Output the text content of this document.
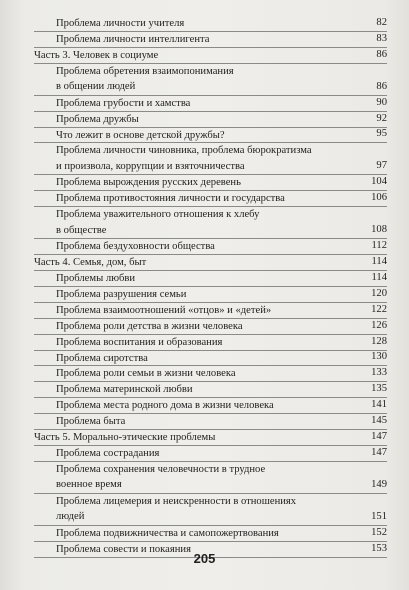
Проблема личности учителя	82
Проблема личности интеллигента	83
Часть 3. Человек в социуме	86
Проблема обретения взаимопонимания
в общении людей	86
Проблема грубости и хамства	90
Проблема дружбы	92
Что лежит в основе детской дружбы?	95
Проблема личности чиновника, проблема бюрократизма
и произвола, коррупции и взяточничества	97
Проблема вырождения русских деревень	104
Проблема противостояния личности и государства	106
Проблема уважительного отношения к хлебу
в обществе	108
Проблема бездуховности общества	112
Часть 4. Семья, дом, быт	114
Проблемы любви	114
Проблема разрушения семьи	120
Проблема взаимоотношений «отцов» и «детей»	122
Проблема роли детства в жизни человека	126
Проблема воспитания и образования	128
Проблема сиротства	130
Проблема роли семьи в жизни человека	133
Проблема материнской любви	135
Проблема места родного дома в жизни человека	141
Проблема быта	145
Часть 5. Морально-этические проблемы	147
Проблема сострадания	147
Проблема сохранения человечности в трудное
военное время	149
Проблема лицемерия и неискренности в отношениях
людей	151
Проблема подвижничества и самопожертвования	152
Проблема совести и покаяния	153
205
